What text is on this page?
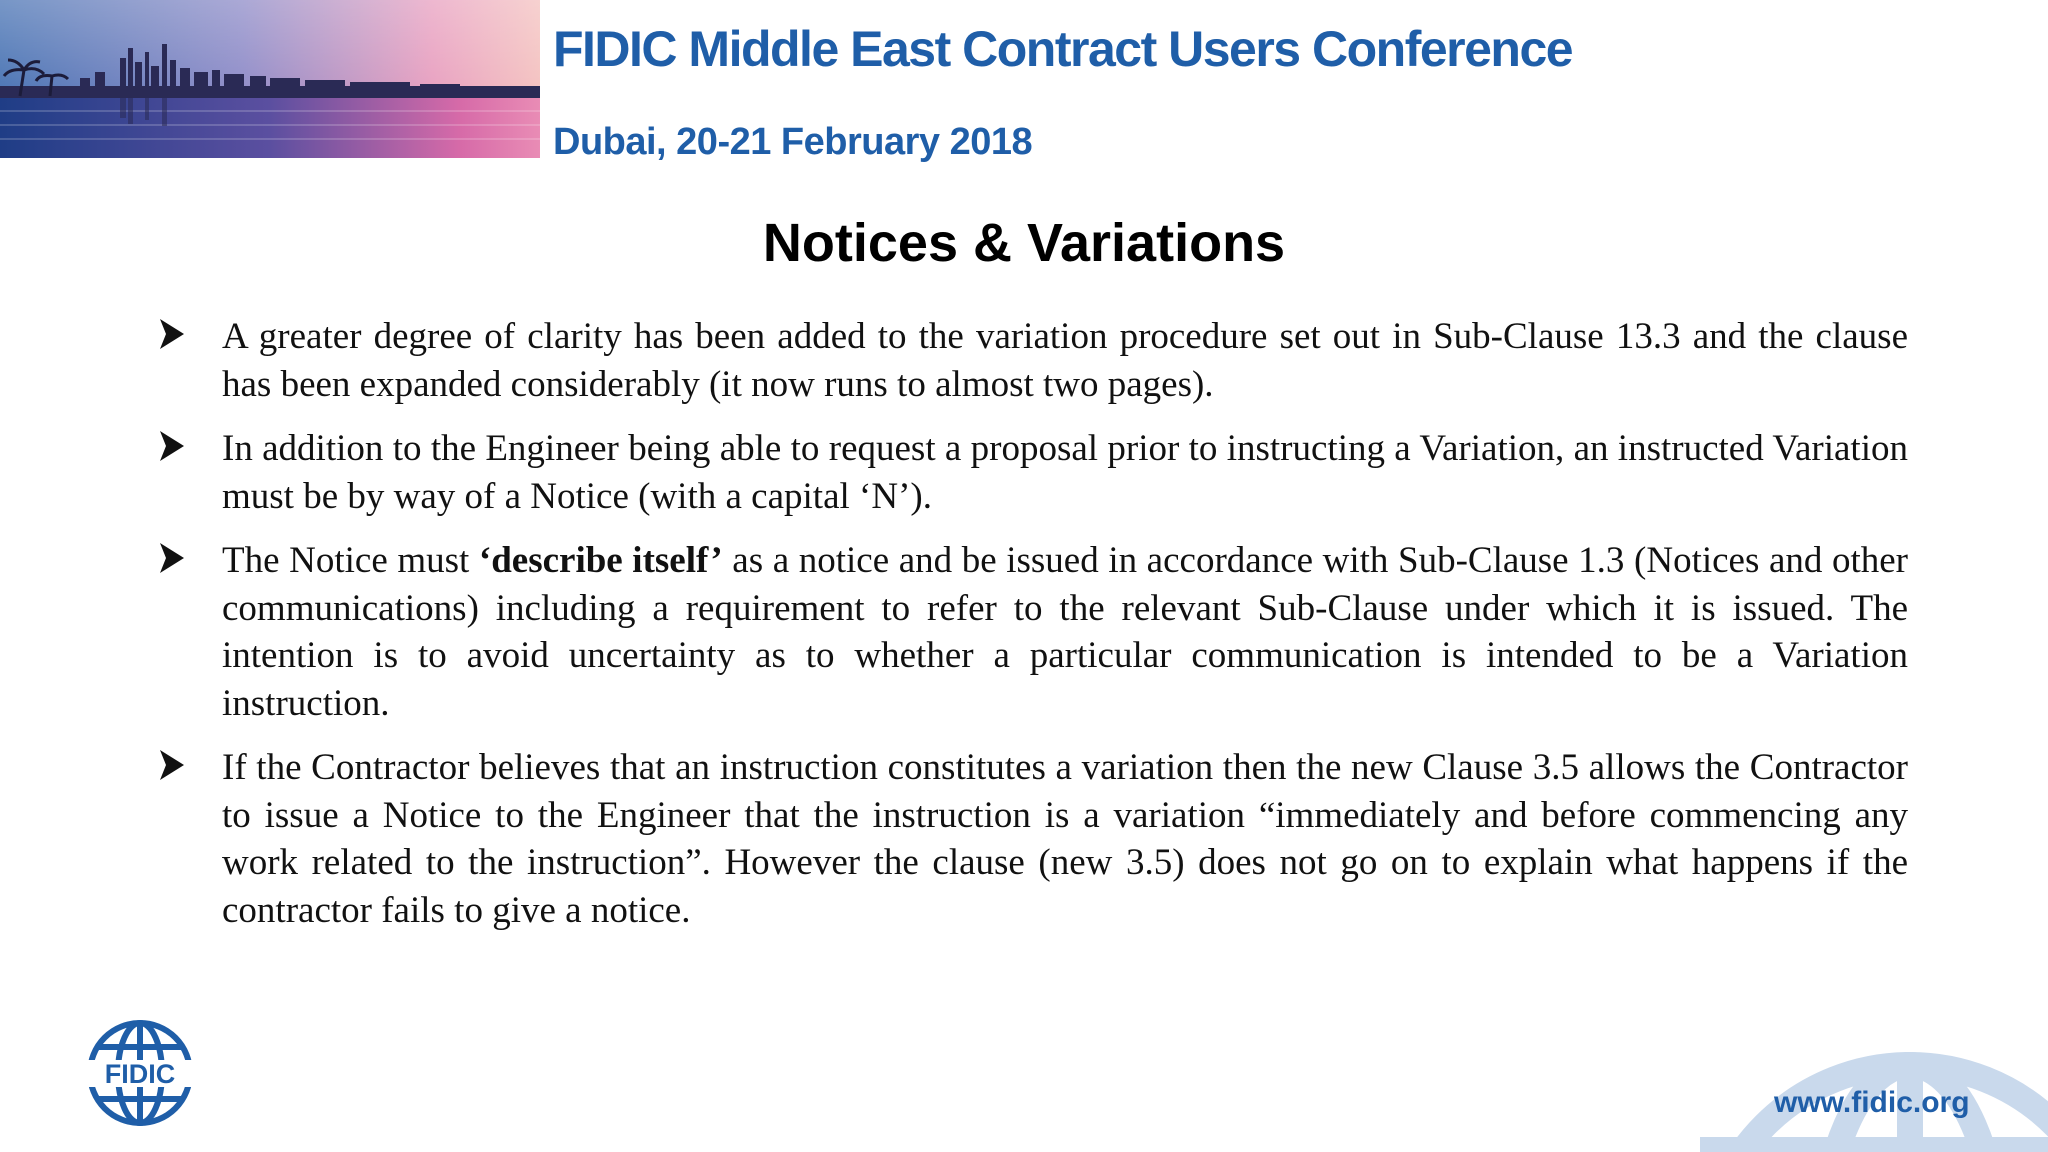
FIDIC Middle East Contract Users Conference
Dubai, 20-21 February 2018
Notices & Variations
A greater degree of clarity has been added to the variation procedure set out in Sub-Clause 13.3 and the clause has been expanded considerably (it now runs to almost two pages).
In addition to the Engineer being able to request a proposal prior to instructing a Variation, an instructed Variation must be by way of a Notice (with a capital ‘N’).
The Notice must ‘describe itself’ as a notice and be issued in accordance with Sub-Clause 1.3 (Notices and other communications) including a requirement to refer to the relevant Sub-Clause under which it is issued. The intention is to avoid uncertainty as to whether a particular communication is intended to be a Variation instruction.
If the Contractor believes that an instruction constitutes a variation then the new Clause 3.5 allows the Contractor to issue a Notice to the Engineer that the instruction is a variation “immediately and before commencing any work related to the instruction”. However the clause (new 3.5) does not go on to explain what happens if the contractor fails to give a notice.
FIDIC
www.fidic.org
